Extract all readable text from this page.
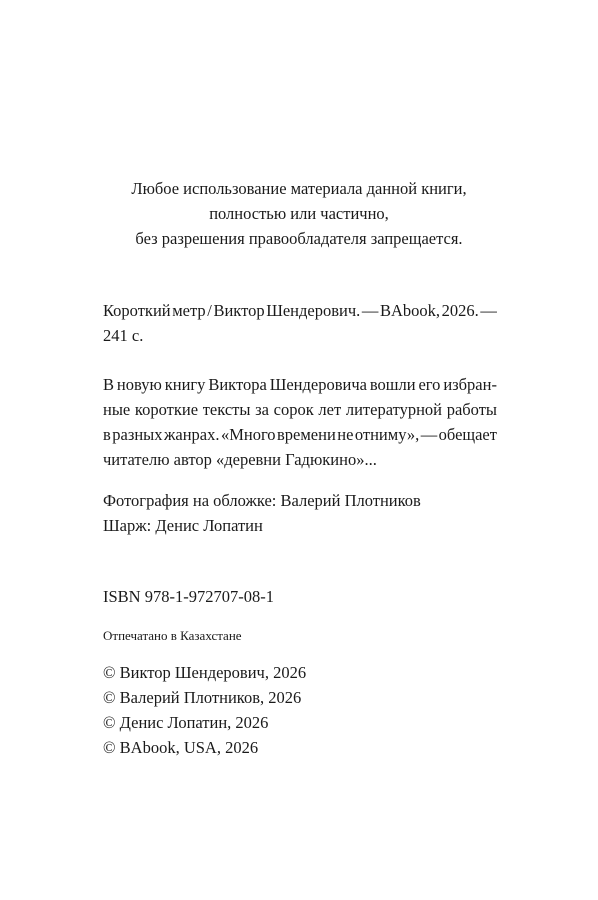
Любое использование материала данной книги,
полностью или частично,
без разрешения правообладателя запрещается.
Короткий метр / Виктор Шендерович. — BAbook, 2026. —
241 с.
В новую книгу Виктора Шендеровича вошли его избран-
ные короткие тексты за сорок лет литературной работы
в разных жанрах. «Много времени не отниму», — обещает
читателю автор «деревни Гадюкино»...
Фотография на обложке: Валерий Плотников
Шарж: Денис Лопатин
ISBN 978-1-972707-08-1
Отпечатано в Казахстане
© Виктор Шендерович, 2026
© Валерий Плотников, 2026
© Денис Лопатин, 2026
© BAbook, USA, 2026
